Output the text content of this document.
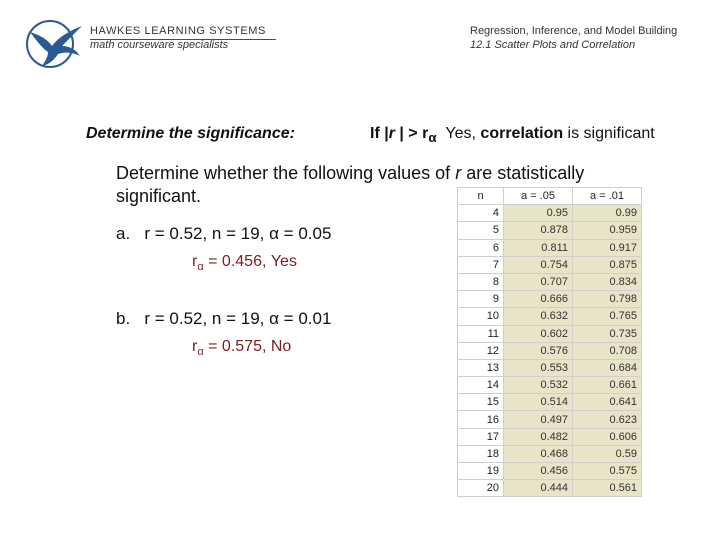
HAWKES LEARNING SYSTEMS
math courseware specialists
Regression, Inference, and Model Building
12.1 Scatter Plots and Correlation
Determine the significance:	If |r | > $r_\alpha$  Yes, correlation is significant
Determine whether the following values of r are statistically significant.
a. r = 0.52, n = 19, α = 0.05
$r_\alpha = 0.456$, Yes
b. r = 0.52, n = 19, α = 0.01
$r_\alpha = 0.575$, No
n	a = .05	a = .01
4	0.95	0.99
5	0.878	0.959
6	0.811	0.917
7	0.754	0.875
8	0.707	0.834
9	0.666	0.798
10	0.632	0.765
11	0.602	0.735
12	0.576	0.708
13	0.553	0.684
14	0.532	0.661
15	0.514	0.641
16	0.497	0.623
17	0.482	0.606
18	0.468	0.59
19	0.456	0.575
20	0.444	0.561
